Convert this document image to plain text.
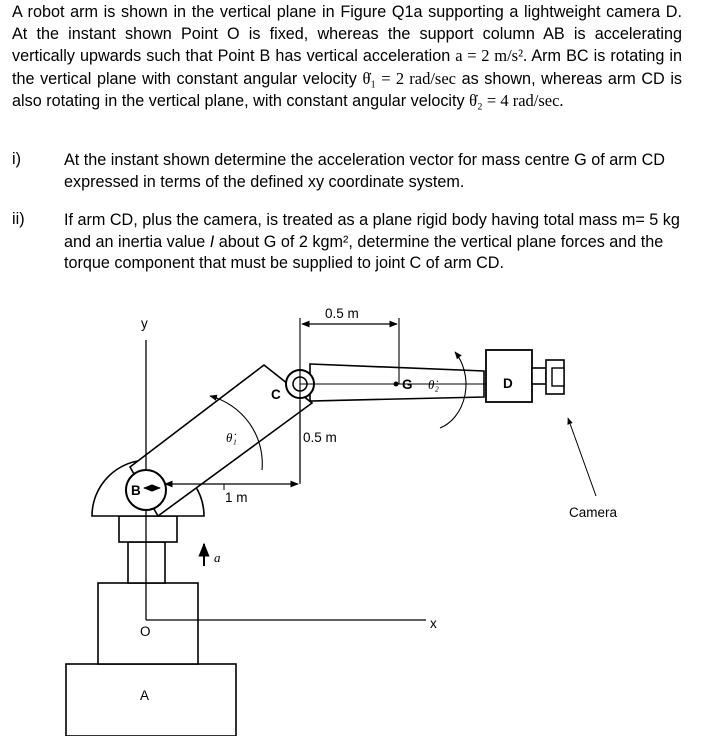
A robot arm is shown in the vertical plane in Figure Q1a supporting a lightweight camera D. At the instant shown Point O is fixed, whereas the support column AB is accelerating vertically upwards such that Point B has vertical acceleration a = 2 m/s². Arm BC is rotating in the vertical plane with constant angular velocity θ̇₁ = 2 rad/sec as shown, whereas arm CD is also rotating in the vertical plane, with constant angular velocity θ̇₂ = 4 rad/sec.
i)	At the instant shown determine the acceleration vector for mass centre G of arm CD expressed in terms of the defined xy coordinate system.
ii) If arm CD, plus the camera, is treated as a plane rigid body having total mass m= 5 kg and an inertia value I about G of 2 kgm², determine the vertical plane forces and the torque component that must be supplied to joint C of arm CD.
y
x
B
C
0.5 m
0.5 m
1 m
θ̇₁
G θ̇₂	D
Camera
a
O
A
